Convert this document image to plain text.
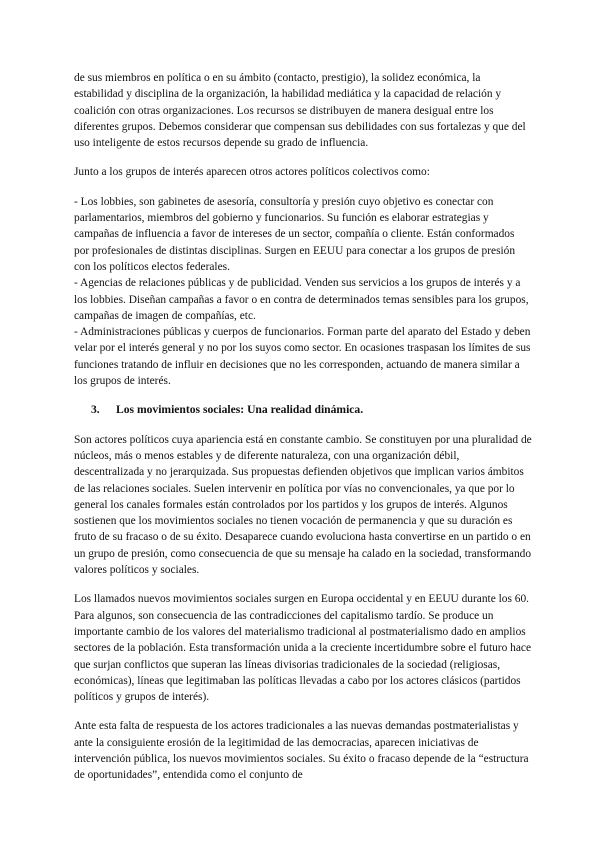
de sus miembros en política o en su ámbito (contacto, prestigio), la solidez económica, la estabilidad y disciplina de la organización, la habilidad mediática y la capacidad de relación y coalición con otras organizaciones. Los recursos se distribuyen de manera desigual entre los diferentes grupos. Debemos considerar que compensan sus debilidades con sus fortalezas y que del uso inteligente de estos recursos depende su grado de influencia.

Junto a los grupos de interés aparecen otros actores políticos colectivos como:

- Los lobbies, son gabinetes de asesoría, consultoría y presión cuyo objetivo es conectar con parlamentarios, miembros del gobierno y funcionarios. Su función es elaborar estrategias y campañas de influencia a favor de intereses de un sector, compañía o cliente. Están conformados por profesionales de distintas disciplinas. Surgen en EEUU para conectar a los grupos de presión con los políticos electos federales.
- Agencias de relaciones públicas y de publicidad. Venden sus servicios a los grupos de interés y a los lobbies. Diseñan campañas a favor o en contra de determinados temas sensibles para los grupos, campañas de imagen de compañías, etc.
- Administraciones públicas y cuerpos de funcionarios. Forman parte del aparato del Estado y deben velar por el interés general y no por los suyos como sector. En ocasiones traspasan los límites de sus funciones tratando de influir en decisiones que no les corresponden, actuando de manera similar a los grupos de interés.
3. Los movimientos sociales: Una realidad dinámica.

Son actores políticos cuya apariencia está en constante cambio. Se constituyen por una pluralidad de núcleos, más o menos estables y de diferente naturaleza, con una organización débil, descentralizada y no jerarquizada. Sus propuestas defienden objetivos que implican varios ámbitos de las relaciones sociales. Suelen intervenir en política por vías no convencionales, ya que por lo general los canales formales están controlados por los partidos y los grupos de interés. Algunos sostienen que los movimientos sociales no tienen vocación de permanencia y que su duración es fruto de su fracaso o de su éxito. Desaparece cuando evoluciona hasta convertirse en un partido o en un grupo de presión, como consecuencia de que su mensaje ha calado en la sociedad, transformando valores políticos y sociales.

Los llamados nuevos movimientos sociales surgen en Europa occidental y en EEUU durante los 60. Para algunos, son consecuencia de las contradicciones del capitalismo tardío. Se produce un importante cambio de los valores del materialismo tradicional al postmaterialismo dado en amplios sectores de la población. Esta transformación unida a la creciente incertidumbre sobre el futuro hace que surjan conflictos que superan las líneas divisorias tradicionales de la sociedad (religiosas, económicas), líneas que legitimaban las políticas llevadas a cabo por los actores clásicos (partidos políticos y grupos de interés).

Ante esta falta de respuesta de los actores tradicionales a las nuevas demandas postmaterialistas y ante la consiguiente erosión de la legitimidad de las democracias, aparecen iniciativas de intervención pública, los nuevos movimientos sociales. Su éxito o fracaso depende de la “estructura de oportunidades”, entendida como el conjunto de
